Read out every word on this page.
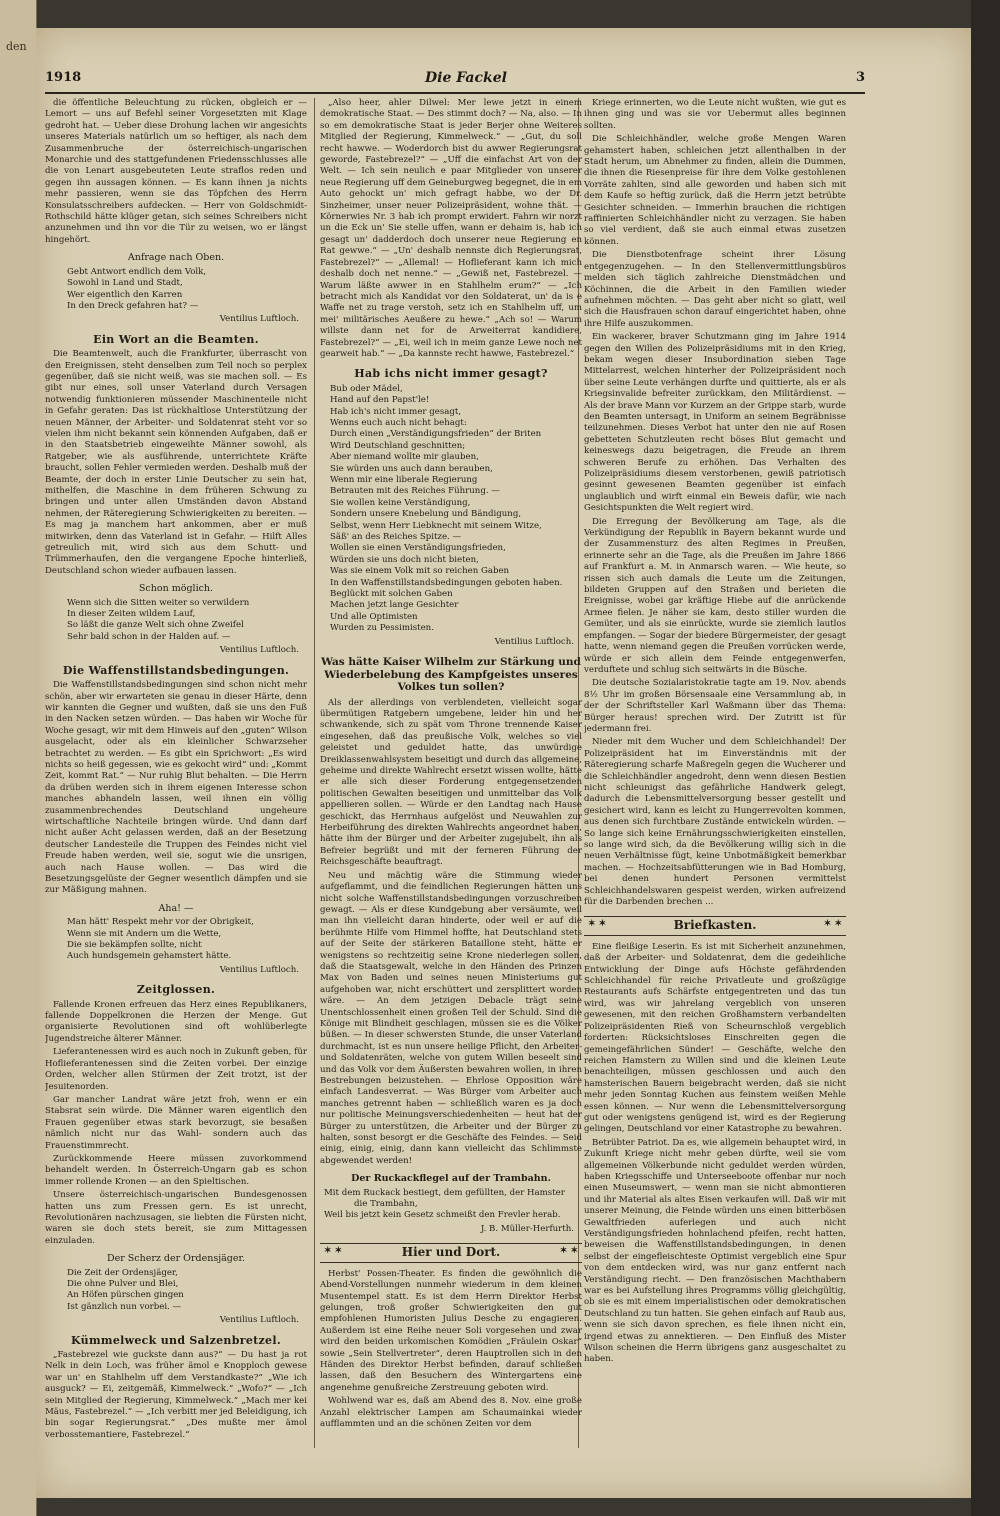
den
1918	Die Fackel	3

die öffentliche Beleuchtung zu rücken, obgleich er — Lemort — uns auf Befehl seiner Vorgesetzten mit Klage gedroht hat. — Ueber diese Drohung lachen wir angesichts unseres Materials natürlich um so heftiger, als nach dem Zusammenbruche der österreichisch-ungarischen Monarchie und des stattgefundenen Friedensschlusses alle die von Lenart ausgebeuteten Leute straflos reden und gegen ihn aussagen können. — Es kann ihnen ja nichts mehr passieren, wenn sie das Töpfchen des Herrn Konsulatsschreibers aufdecken. — Herr von Goldschmidt-Rothschild hätte klüger getan, sich seines Schreibers nicht anzunehmen und ihn vor die Tür zu weisen, wo er längst hingehört.

Anfrage nach Oben.
Gebt Antwort endlich dem Volk,
Sowohl in Land und Stadt,
Wer eigentlich den Karren
In den Dreck gefahren hat? —
Ventilius Luftloch.
Ein Wort an die Beamten.

Die Beamtenwelt, auch die Frankfurter, überrascht von den Ereignissen, steht denselben zum Teil noch so perplex gegenüber, daß sie nicht weiß, was sie machen soll. — Es gibt nur eines, soll unser Vaterland durch Versagen notwendig funktionieren müssender Maschinenteile nicht in Gefahr geraten: Das ist rückhaltlose Unterstützung der neuen Männer, der Arbeiter- und Soldatenrat steht vor so vielen ihm nicht bekannt sein könnenden Aufgaben, daß er in den Staatsbetrieb eingeweihte Männer sowohl, als Ratgeber, wie als ausführende, unterrichtete Kräfte braucht, sollen Fehler vermieden werden. Deshalb muß der Beamte, der doch in erster Linie Deutscher zu sein hat, mithelfen, die Maschine in dem früheren Schwung zu bringen und unter allen Umständen davon Abstand nehmen, der Räteregierung Schwierigkeiten zu bereiten. — Es mag ja manchem hart ankommen, aber er muß mitwirken, denn das Vaterland ist in Gefahr. — Hilft Alles getreulich mit, wird sich aus dem Schutt- und Trümmerhaufen, den die vergangene Epoche hinterließ, Deutschland schon wieder aufbauen lassen.

Schon möglich.
Wenn sich die Sitten weiter so verwildern
In dieser Zeiten wildem Lauf,
So läßt die ganze Welt sich ohne Zweifel
Sehr bald schon in der Halden auf. —
Ventilius Luftloch.
Die Waffenstillstandsbedingungen.

Die Waffenstillstandsbedingungen sind schon nicht mehr schön, aber wir erwarteten sie genau in dieser Härte, denn wir kannten die Gegner und wußten, daß sie uns den Fuß in den Nacken setzen würden. — Das haben wir Woche für Woche gesagt, wir mit dem Hinweis auf den „guten“ Wilson ausgelacht, oder als ein kleinlicher Schwarzseher betrachtet zu werden. — Es gibt ein Sprichwort: „Es wird nichts so heiß gegessen, wie es gekocht wird“ und: „Kommt Zeit, kommt Rat.“ — Nur ruhig Blut behalten. — Die Herrn da drüben werden sich in ihrem eigenen Interesse schon manches abhandeln lassen, weil ihnen ein völlig zusammenbrechendes Deutschland ungeheure wirtschaftliche Nachteile bringen würde. Und dann darf nicht außer Acht gelassen werden, daß an der Besetzung deutscher Landesteile die Truppen des Feindes nicht viel Freude haben werden, weil sie, sogut wie die unsrigen, auch nach Hause wollen. — Das wird die Besetzungsgelüste der Gegner wesentlich dämpfen und sie zur Mäßigung mahnen.

Aha! —
Man hätt' Respekt mehr vor der Obrigkeit,
Wenn sie mit Andern um die Wette,
Die sie bekämpfen sollte, nicht
Auch hundsgemein gehamstert hätte.
Ventilius Luftloch.
Zeitglossen.

Fallende Kronen erfreuen das Herz eines Republikaners, fallende Doppelkronen die Herzen der Menge. Gut organisierte Revolutionen sind oft wohlüberlegte Jugendstreiche älterer Männer.

Lieferantenessen wird es auch noch in Zukunft geben, für Hoflieferantenessen sind die Zeiten vorbei. Der einzige Orden, welcher allen Stürmen der Zeit trotzt, ist der Jesuitenorden.

Gar mancher Landrat wäre jetzt froh, wenn er ein Stabsrat sein würde. Die Männer waren eigentlich den Frauen gegenüber etwas stark bevorzugt, sie besaßen nämlich nicht nur das Wahl- sondern auch das Frauenstimmrecht.

Zurückkommende Heere müssen zuvorkommend behandelt werden. In Österreich-Ungarn gab es schon immer rollende Kronen — an den Spieltischen.

Unsere österreichisch-ungarischen Bundesgenossen hatten uns zum Fressen gern. Es ist unrecht, Revolutionären nachzusagen, sie liebten die Fürsten nicht, waren sie doch stets bereit, sie zum Mittagessen einzuladen.

Der Scherz der Ordensjäger.
Die Zeit der Ordensjäger,
Die ohne Pulver und Blei,
An Höfen pürschen gingen
Ist gänzlich nun vorbei. —
Ventilius Luftloch.
Kümmelweck und Salzenbretzel.

„Fastebrezel wie guckste dann aus?“ — Du hast ja rot Nelk in dein Loch, was früher ämol e Knopploch gewese war un' en Stahlhelm uff dem Verstandkaste?“ „Wie ich ausguck? — Ei, zeitgemäß, Kimmelweck.“ „Wofo?“ — „Ich sein Mitglied der Regierung, Kimmelweck.“ „Mach mer kei Mäus, Fastebrezel.“ — „Ich verbitt mer jed Beleidigung, ich bin sogar Regierungsrat.“ „Des mußte mer ämol verbosstemantiere, Fastebrezel.“

„Also heer, ahler Dilwel: Mer lewe jetzt in einem demokratische Staat. — Des stimmt doch? — Na, also. — In so em demokratische Staat is jeder Berjer ohne Weiteres Mitglied der Regierung, Kimmelweck.“ — „Gut, du soll recht hawwe. — Woderdorch bist du awwer Regierungsrat geworde, Fastebrezel?“ — „Uff die einfachst Art von der Welt. — Ich sein neulich e paar Mitglieder von unserer neue Regierung uff dem Geineburgweg begegnet, die in em Auto gehockt un' mich gefragt habbe, wo der Dr. Sinzheimer, unser neuer Polizeipräsident, wohne thät. — Körnerwies Nr. 3 hab ich prompt erwidert. Fahrn wir norzt un die Eck un' Sie stelle uffen, wann er dehaim is, hab ich gesagt un' dadderdoch doch unserer neue Regierung en Rat gewwe.“ — „Un' deshalb nennste dich Regierungsrat, Fastebrezel?“ — „Allemal! — Hoflieferant kann ich mich deshalb doch net nenne.“ — „Gewiß net, Fastebrezel. — Warum läßte awwer in en Stahlhelm erum?“ — „Ich betracht mich als Kandidat vor den Soldaterat, un' da is e Waffe net zu trage verstoh, setz ich en Stahlhelm uff, um mei' militärisches Aeußere zu hewe.“ „Ach so! — Warum willste dann net for de Arweiterrat kandidiere, Fastebrezel?“ — „Ei, weil ich in meim ganze Lewe noch net gearweit hab.“ — „Da kannste recht hawwe, Fastebrezel.“

Hab ichs nicht immer gesagt?
Bub oder Mädel,
Hand auf den Papst'le!
Hab ich's nicht immer gesagt,
Wenns euch auch nicht behagt:
Durch einen „Verständigungsfrieden“ der Briten
Wird Deutschland geschnitten;
Aber niemand wollte mir glauben,
Sie würden uns auch dann berauben,
Wenn mir eine liberale Regierung
Betrauten mit des Reiches Führung. —
Sie wollen keine Verständigung,
Sondern unsere Knebelung und Bändigung,
Selbst, wenn Herr Liebknecht mit seinem Witze,
Säß' an des Reiches Spitze. —
Wollen sie einen Verständigungsfrieden,
Würden sie uns doch nicht bieten,
Was sie einem Volk mit so reichen Gaben
In den Waffenstillstandsbedingungen geboten haben.
Beglückt mit solchen Gaben
Machen jetzt lange Gesichter
Und alle Optimisten
Wurden zu Pessimisten.
Ventilius Luftloch.
Was hätte Kaiser Wilhelm zur Stärkung und Wiederbelebung des Kampfgeistes unseres Volkes tun sollen?

Als der allerdings von verblendeten, vielleicht sogar übermütigen Ratgebern umgebene, leider hin und her schwankende, sich zu spät vom Throne trennende Kaiser eingesehen, daß das preußische Volk, welches so viel geleistet und geduldet hatte, das unwürdige Dreiklassenwahlsystem beseitigt und durch das allgemeine, geheime und direkte Wahlrecht ersetzt wissen wollte, hätte er alle sich dieser Forderung entgegensetzenden politischen Gewalten beseitigen und unmittelbar das Volk appellieren sollen. — Würde er den Landtag nach Hause geschickt, das Herrnhaus aufgelöst und Neuwahlen zur Herbeiführung des direkten Wahlrechts angeordnet haben, hätte ihm der Bürger und der Arbeiter zugejubelt, ihn als Befreier begrüßt und mit der ferneren Führung der Reichsgeschäfte beauftragt.

Neu und mächtig wäre die Stimmung wieder aufgeflammt, und die feindlichen Regierungen hätten uns nicht solche Waffenstillstandsbedingungen vorzuschreiben gewagt. — Als er diese Kundgebung aber versäumte, weil man ihn vielleicht daran hinderte, oder weil er auf die berühmte Hilfe vom Himmel hoffte, hat Deutschland stets auf der Seite der stärkeren Bataillone steht, hätte er wenigstens so rechtzeitig seine Krone niederlegen sollen, daß die Staatsgewalt, welche in den Händen des Prinzen Max von Baden und seines neuen Ministeriums gut aufgehoben war, nicht erschüttert und zersplittert worden wäre. — An dem jetzigen Debacle trägt seine Unentschlossenheit einen großen Teil der Schuld. Sind die Könige mit Blindheit geschlagen, müssen sie es die Völker büßen. — In dieser schwersten Stunde, die unser Vaterland durchmacht, ist es nun unsere heilige Pflicht, den Arbeiter- und Soldatenräten, welche von gutem Willen beseelt sind und das Volk vor dem Äußersten bewahren wollen, in ihren Bestrebungen beizustehen. — Ehrlose Opposition wäre einfach Landesverrat. — Was Bürger vom Arbeiter auch manches getrennt haben — schließlich waren es ja doch nur politische Meinungsverschiedenheiten — heut hat der Bürger zu unterstützen, die Arbeiter und der Bürger zu halten, sonst besorgt er die Geschäfte des Feindes. — Seid einig, einig, einig, dann kann vielleicht das Schlimmste abgewendet werden!

Der Ruckackflegel auf der Trambahn.
Mit dem Ruckack bestiegt, dem gefüllten, der Hamster
die Trambahn,
Weil bis jetzt kein Gesetz schmeißt den Frevler herab.
J. B. Müller-Herfurth.
✶ ✶	Hier und Dort.	✶ ✶

Herbst' Possen-Theater. Es finden die gewöhnlich die Abend-Vorstellungen nunmehr wiederum in dem kleinen Musentempel statt. Es ist dem Herrn Direktor Herbst gelungen, troß großer Schwierigkeiten den gut empfohlenen Humoristen Julius Desche zu engagieren. Außerdem ist eine Reihe neuer Soli vorgesehen und zwar wird den beiden urkomischen Komödien „Fräulein Oskar“ sowie „Sein Stellvertreter“, deren Hauptrollen sich in den Händen des Direktor Herbst befinden, darauf schließen lassen, daß den Besuchern des Wintergartens eine angenehme genußreiche Zerstreuung geboten wird.

Wohlwend war es, daß am Abend des 8. Nov. eine große Anzahl elektrischer Lampen am Schaumainkai wieder aufflammten und an die schönen Zeiten vor dem

Kriege erinnerten, wo die Leute nicht wußten, wie gut es ihnen ging und was sie vor Uebermut alles beginnen sollten.

Die Schleichhändler, welche große Mengen Waren gehamstert haben, schleichen jetzt allenthalben in der Stadt herum, um Abnehmer zu finden, allein die Dummen, die ihnen die Riesenpreise für ihre dem Volke gestohlenen Vorräte zahlten, sind alle geworden und haben sich mit dem Kaufe so heftig zurück, daß die Herrn jetzt betrübte Gesichter schneiden. — Immerhin brauchen die richtigen raffinierten Schleichhändler nicht zu verzagen. Sie haben so viel verdient, daß sie auch einmal etwas zusetzen können.

Die Dienstbotenfrage scheint ihrer Lösung entgegenzugehen. — In den Stellenvermittlungsbüros melden sich täglich zahlreiche Dienstmädchen und Köchinnen, die die Arbeit in den Familien wieder aufnehmen möchten. — Das geht aber nicht so glatt, weil sich die Hausfrauen schon darauf eingerichtet haben, ohne ihre Hilfe auszukommen.

Ein wackerer, braver Schutzmann ging im Jahre 1914 gegen den Willen des Polizeipräsidiums mit in den Krieg, bekam wegen dieser Insubordination sieben Tage Mittelarrest, welchen hinterher der Polizeipräsident noch über seine Leute verhängen durfte und quittierte, als er als Kriegsinvalide befreiter zurückkam, den Militärdienst. — Als der brave Mann vor Kurzem an der Grippe starb, wurde den Beamten untersagt, in Uniform an seinem Begräbnisse teilzunehmen. Dieses Verbot hat unter den nie auf Rosen gebetteten Schutzleuten recht böses Blut gemacht und keineswegs dazu beigetragen, die Freude an ihrem schweren Berufe zu erhöhen. Das Verhalten des Polizeipräsidiums diesem verstorbenen, gewiß patriotisch gesinnt gewesenen Beamten gegenüber ist einfach unglaublich und wirft einmal ein Beweis dafür, wie nach Gesichtspunkten die Welt regiert wird.

Die Erregung der Bevölkerung am Tage, als die Verkündigung der Republik in Bayern bekannt wurde und der Zusammensturz des alten Regimes in Preußen, erinnerte sehr an die Tage, als die Preußen im Jahre 1866 auf Frankfurt a. M. in Anmarsch waren. — Wie heute, so rissen sich auch damals die Leute um die Zeitungen, bildeten Gruppen auf den Straßen und berieten die Ereignisse, wobei gar kräftige Hiebe auf die anrückende Armee fielen. Je näher sie kam, desto stiller wurden die Gemüter, und als sie einrückte, wurde sie ziemlich lautlos empfangen. — Sogar der biedere Bürgermeister, der gesagt hatte, wenn niemand gegen die Preußen vorrücken werde, würde er sich allein dem Feinde entgegenwerfen, verduftete und schlug sich seitwärts in die Büsche.

Die deutsche Sozialaristokratie tagte am 19. Nov. abends 8½ Uhr im großen Börsensaale eine Versammlung ab, in der der Schriftsteller Karl Waßmann über das Thema: Bürger heraus! sprechen wird. Der Zutritt ist für jedermann frei.

Nieder mit dem Wucher und dem Schleichhandel! Der Polizeipräsident hat im Einverständnis mit der Räteregierung scharfe Maßregeln gegen die Wucherer und die Schleichhändler angedroht, denn wenn diesen Bestien nicht schleunigst das gefährliche Handwerk gelegt, dadurch die Lebensmittelversorgung besser gestellt und gesichert wird, kann es leicht zu Hungerrevolten kommen, aus denen sich furchtbare Zustände entwickeln würden. — So lange sich keine Ernährungsschwierigkeiten einstellen, so lange wird sich, da die Bevölkerung willig sich in die neuen Verhältnisse fügt, keine Unbotmäßigkeit bemerkbar machen. — Hochzeitsabfütterungen wie in Bad Homburg, bei denen hundert Personen vermittelst Schleichhandelswaren gespeist werden, wirken aufreizend für die Darbenden brechen ...

✶ ✶	Briefkasten.	✶ ✶

Eine fleißige Leserin. Es ist mit Sicherheit anzunehmen, daß der Arbeiter- und Soldatenrat, dem die gedeihliche Entwicklung der Dinge aufs Höchste gefährdenden Schleichhandel für reiche Privatleute und großzügige Restaurants aufs Schärfste entgegentreten und das tun wird, was wir jahrelang vergeblich von unseren gewesenen, mit den reichen Großhamstern verbandelten Polizeipräsidenten Rieß von Scheurnschloß vergeblich forderten: Rücksichtsloses Einschreiten gegen die gemeingefährlichen Sünder! — Geschäfte, welche den reichen Hamstern zu Willen sind und die kleinen Leute benachteiligen, müssen geschlossen und auch den hamsterischen Bauern beigebracht werden, daß sie nicht mehr jeden Sonntag Kuchen aus feinstem weißen Mehle essen können. — Nur wenn die Lebensmittelversorgung gut oder wenigstens genügend ist, wird es der Regierung gelingen, Deutschland vor einer Katastrophe zu bewahren.

Betrübter Patriot. Da es, wie allgemein behauptet wird, in Zukunft Kriege nicht mehr geben dürfte, weil sie vom allgemeinen Völkerbunde nicht geduldet werden würden, haben Kriegsschiffe und Unterseeboote offenbar nur noch einen Museumswert, — wenn man sie nicht abmontieren und ihr Material als altes Eisen verkaufen will. Daß wir mit unserer Meinung, die Feinde würden uns einen bitterbösen Gewaltfrieden auferlegen und auch nicht Verständigungsfrieden hohnlachend pfeifen, recht hatten, beweisen die Waffenstillstandsbedingungen, in denen selbst der eingefleischteste Optimist vergeblich eine Spur von dem entdecken wird, was nur ganz entfernt nach Verständigung riecht. — Den französischen Machthabern war es bei Aufstellung ihres Programms völlig gleichgültig, ob sie es mit einem imperialistischen oder demokratischen Deutschland zu tun hatten. Sie gehen einfach auf Raub aus, wenn sie sich davon sprechen, es fiele ihnen nicht ein, irgend etwas zu annektieren. — Den Einfluß des Mister Wilson scheinen die Herrn übrigens ganz ausgeschaltet zu haben.
